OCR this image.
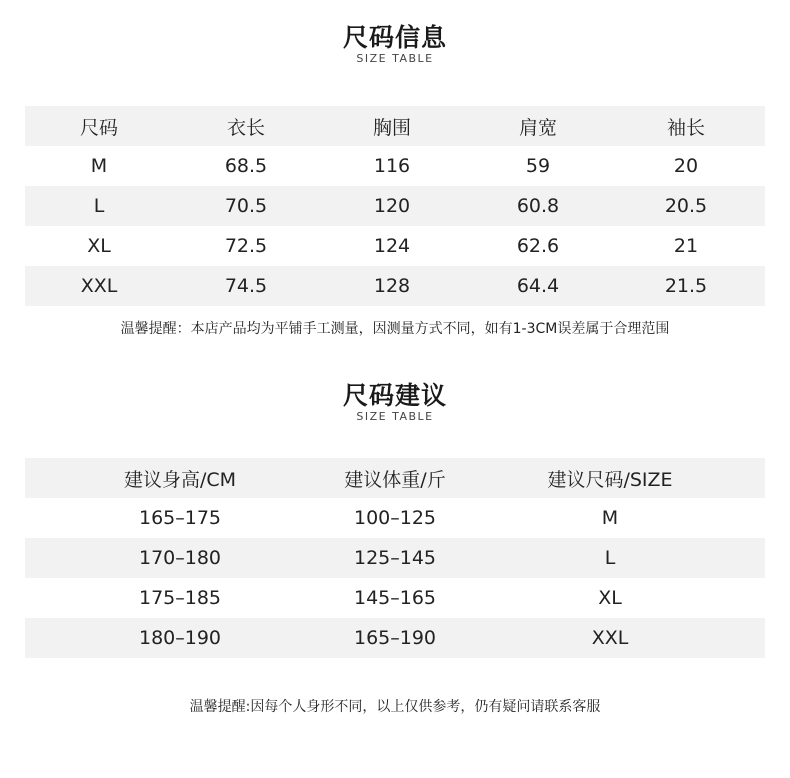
尺码信息
SIZE TABLE
尺码	衣长	胸围	肩宽	袖长
M	68.5	116	59	20
L	70.5	120	60.8	20.5
XL	72.5	124	62.6	21
XXL	74.5	128	64.4	21.5
温馨提醒：本店产品均为平铺手工测量，因测量方式不同，如有1-3CM误差属于合理范围
尺码建议
SIZE TABLE
建议身高/CM	建议体重/斤	建议尺码/SIZE
165–175	100–125	M
170–180	125–145	L
175–185	145–165	XL
180–190	165–190	XXL
温馨提醒:因每个人身形不同，以上仅供参考，仍有疑问请联系客服
